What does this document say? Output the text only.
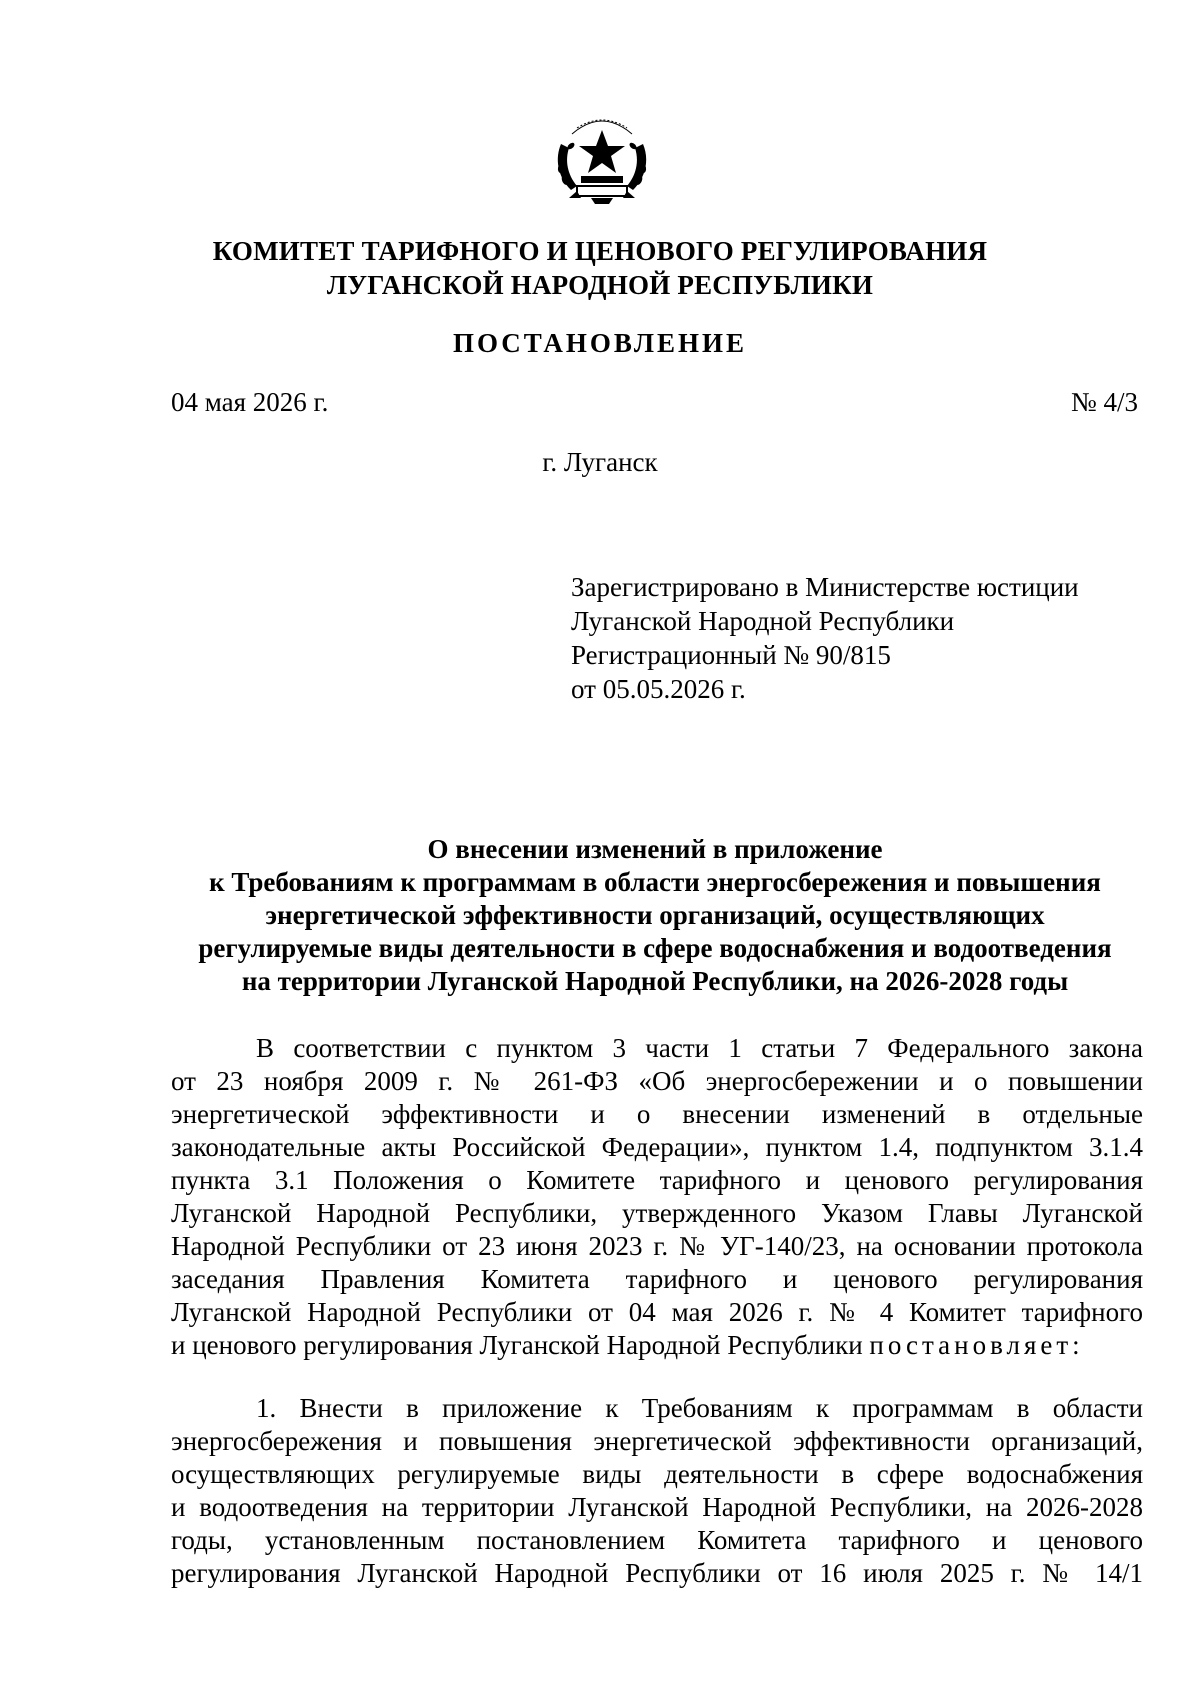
КОМИТЕТ ТАРИФНОГО И ЦЕНОВОГО РЕГУЛИРОВАНИЯ
ЛУГАНСКОЙ НАРОДНОЙ РЕСПУБЛИКИ
ПОСТАНОВЛЕНИЕ
04 мая 2026 г.	№ 4/3
г. Луганск
Зарегистрировано в Министерстве юстиции
Луганской Народной Республики
Регистрационный № 90/815
от 05.05.2026 г.
О внесении изменений в приложение
к Требованиям к программам в области энергосбережения и повышения
энергетической эффективности организаций, осуществляющих
регулируемые виды деятельности в сфере водоснабжения и водоотведения
на территории Луганской Народной Республики, на 2026-2028 годы
В соответствии с пунктом 3 части 1 статьи 7 Федерального закона
от 23 ноября 2009 г. № 261-ФЗ «Об энергосбережении и о повышении
энергетической эффективности и о внесении изменений в отдельные
законодательные акты Российской Федерации», пунктом 1.4, подпунктом 3.1.4
пункта 3.1 Положения о Комитете тарифного и ценового регулирования
Луганской Народной Республики, утвержденного Указом Главы Луганской
Народной Республики от 23 июня 2023 г. № УГ-140/23, на основании протокола
заседания Правления Комитета тарифного и ценового регулирования
Луганской Народной Республики от 04 мая 2026 г. № 4 Комитет тарифного
и ценового регулирования Луганской Народной Республики постановляет:
1. Внести в приложение к Требованиям к программам в области
энергосбережения и повышения энергетической эффективности организаций,
осуществляющих регулируемые виды деятельности в сфере водоснабжения
и водоотведения на территории Луганской Народной Республики, на 2026-2028
годы, установленным постановлением Комитета тарифного и ценового
регулирования Луганской Народной Республики от 16 июля 2025 г. № 14/1
